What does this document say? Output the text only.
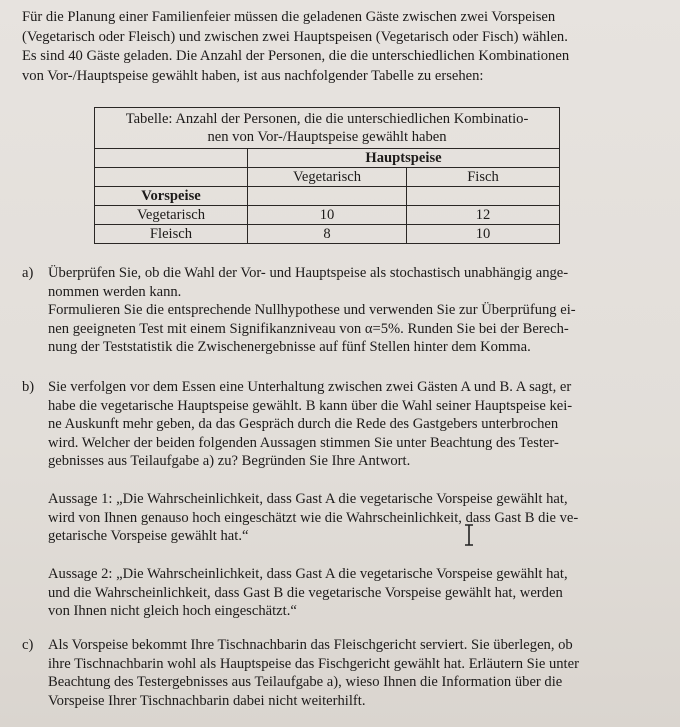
Für die Planung einer Familienfeier müssen die geladenen Gäste zwischen zwei Vorspeisen
(Vegetarisch oder Fleisch) und zwischen zwei Hauptspeisen (Vegetarisch oder Fisch) wählen.
Es sind 40 Gäste geladen. Die Anzahl der Personen, die die unterschiedlichen Kombinationen
von Vor-/Hauptspeise gewählt haben, ist aus nachfolgender Tabelle zu ersehen:
Tabelle: Anzahl der Personen, die die unterschiedlichen Kombinatio-
nen von Vor-/Hauptspeise gewählt haben		
	Hauptspeise	
	Vegetarisch	Fisch
Vorspeise		
Vegetarisch	10	12
Fleisch	8	10
a) Überprüfen Sie, ob die Wahl der Vor- und Hauptspeise als stochastisch unabhängig ange-
nommen werden kann.
Formulieren Sie die entsprechende Nullhypothese und verwenden Sie zur Überprüfung ei-
nen geeigneten Test mit einem Signifikanzniveau von α=5%. Runden Sie bei der Berech-
nung der Teststatistik die Zwischenergebnisse auf fünf Stellen hinter dem Komma.
b) Sie verfolgen vor dem Essen eine Unterhaltung zwischen zwei Gästen A und B. A sagt, er
habe die vegetarische Hauptspeise gewählt. B kann über die Wahl seiner Hauptspeise kei-
ne Auskunft mehr geben, da das Gespräch durch die Rede des Gastgebers unterbrochen
wird. Welcher der beiden folgenden Aussagen stimmen Sie unter Beachtung des Tester-
gebnisses aus Teilaufgabe a) zu? Begründen Sie Ihre Antwort.
Aussage 1: „Die Wahrscheinlichkeit, dass Gast A die vegetarische Vorspeise gewählt hat,
wird von Ihnen genauso hoch eingeschätzt wie die Wahrscheinlichkeit, dass Gast B die ve-
getarische Vorspeise gewählt hat.“
Aussage 2: „Die Wahrscheinlichkeit, dass Gast A die vegetarische Vorspeise gewählt hat,
und die Wahrscheinlichkeit, dass Gast B die vegetarische Vorspeise gewählt hat, werden
von Ihnen nicht gleich hoch eingeschätzt.“
c) Als Vorspeise bekommt Ihre Tischnachbarin das Fleischgericht serviert. Sie überlegen, ob
ihre Tischnachbarin wohl als Hauptspeise das Fischgericht gewählt hat. Erläutern Sie unter
Beachtung des Testergebnisses aus Teilaufgabe a), wieso Ihnen die Information über die
Vorspeise Ihrer Tischnachbarin dabei nicht weiterhilft.
